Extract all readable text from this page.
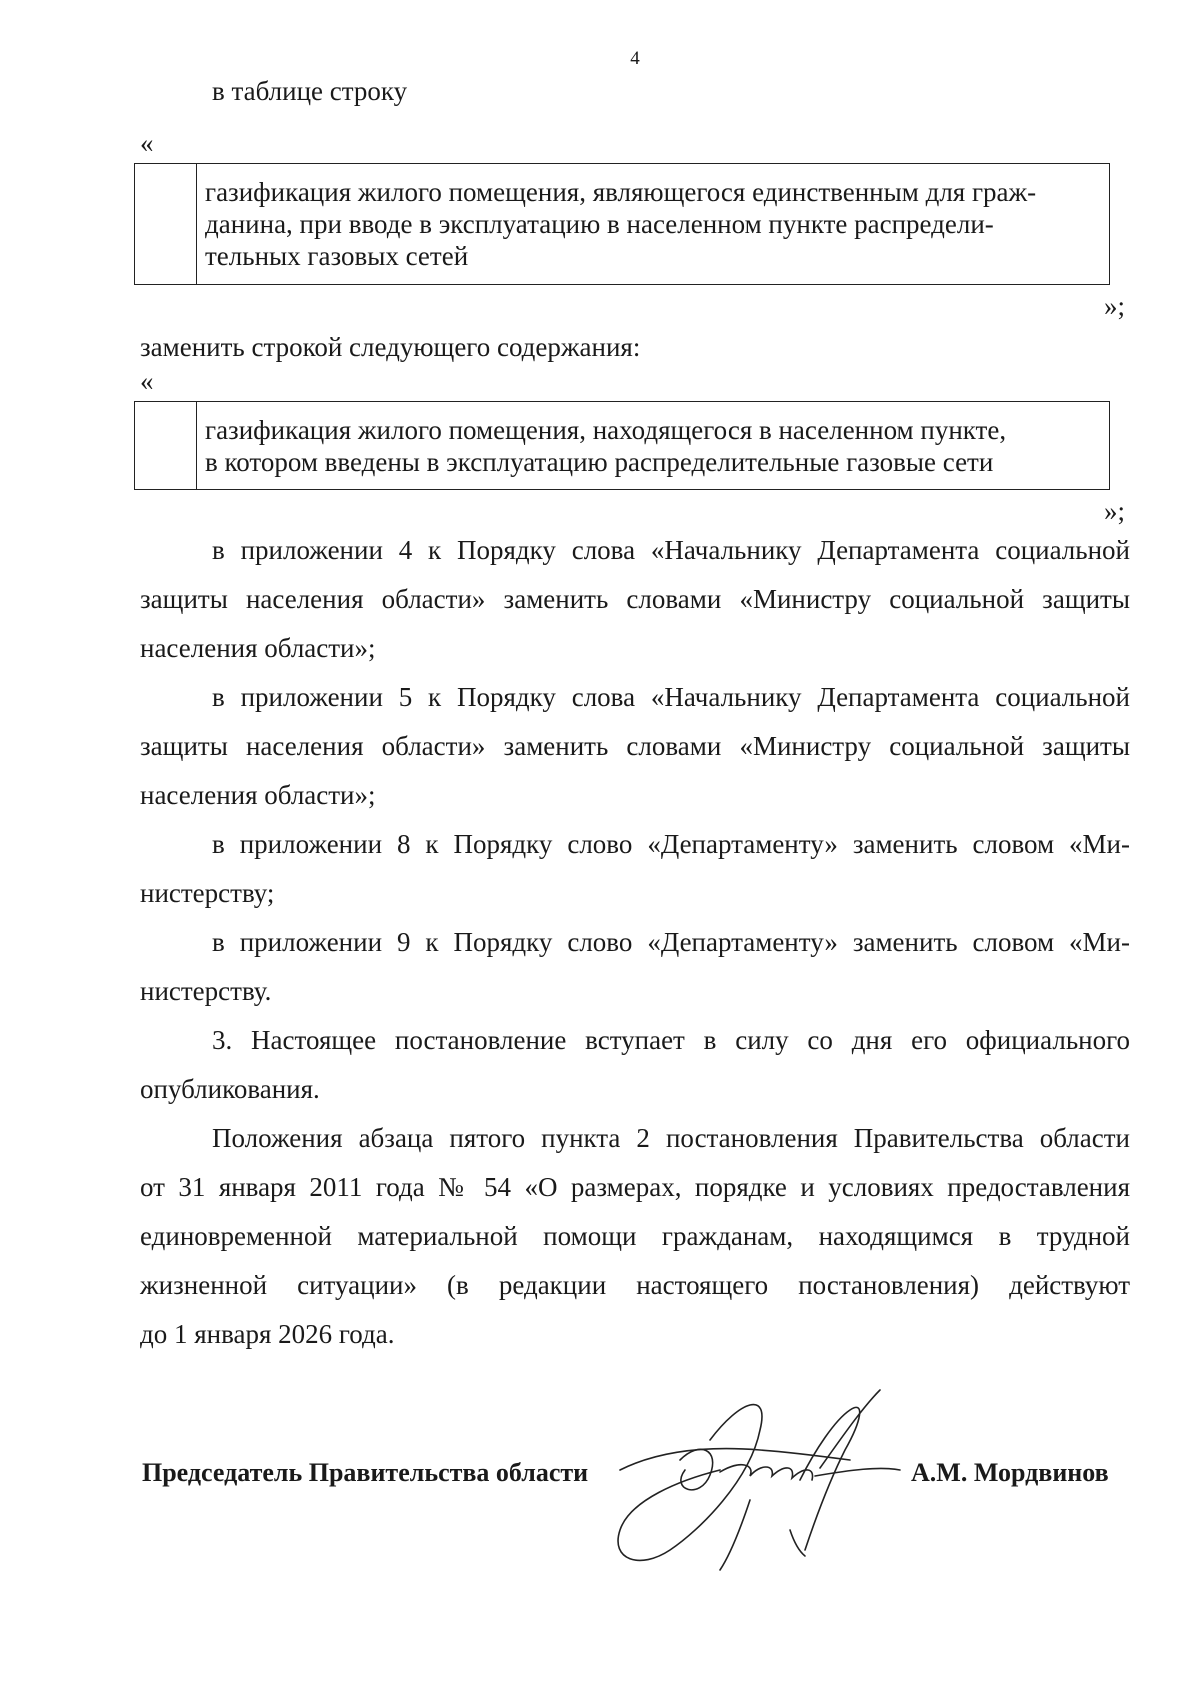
4
в таблице строку
«
газификация жилого помещения, являющегося единственным для граж-
данина, при вводе в эксплуатацию в населенном пункте распредели-
тельных газовых сетей
»;
заменить строкой следующего содержания:
«
газификация жилого помещения, находящегося в населенном пункте,
в котором введены в эксплуатацию распределительные газовые сети
»;
в приложении 4 к Порядку слова «Начальнику Департамента социальной
защиты населения области» заменить словами «Министру социальной защиты
населения области»;
в приложении 5 к Порядку слова «Начальнику Департамента социальной
защиты населения области» заменить словами «Министру социальной защиты
населения области»;
в приложении 8 к Порядку слово «Департаменту» заменить словом «Ми-
нистерству;
в приложении 9 к Порядку слово «Департаменту» заменить словом «Ми-
нистерству.
3. Настоящее постановление вступает в силу со дня его официального
опубликования.
Положения абзаца пятого пункта 2 постановления Правительства области
от 31 января 2011 года № 54 «О размерах, порядке и условиях предоставления
единовременной материальной помощи гражданам, находящимся в трудной
жизненной ситуации» (в редакции настоящего постановления) действуют
до 1 января 2026 года.
Председатель Правительства области	А.М. Мордвинов
